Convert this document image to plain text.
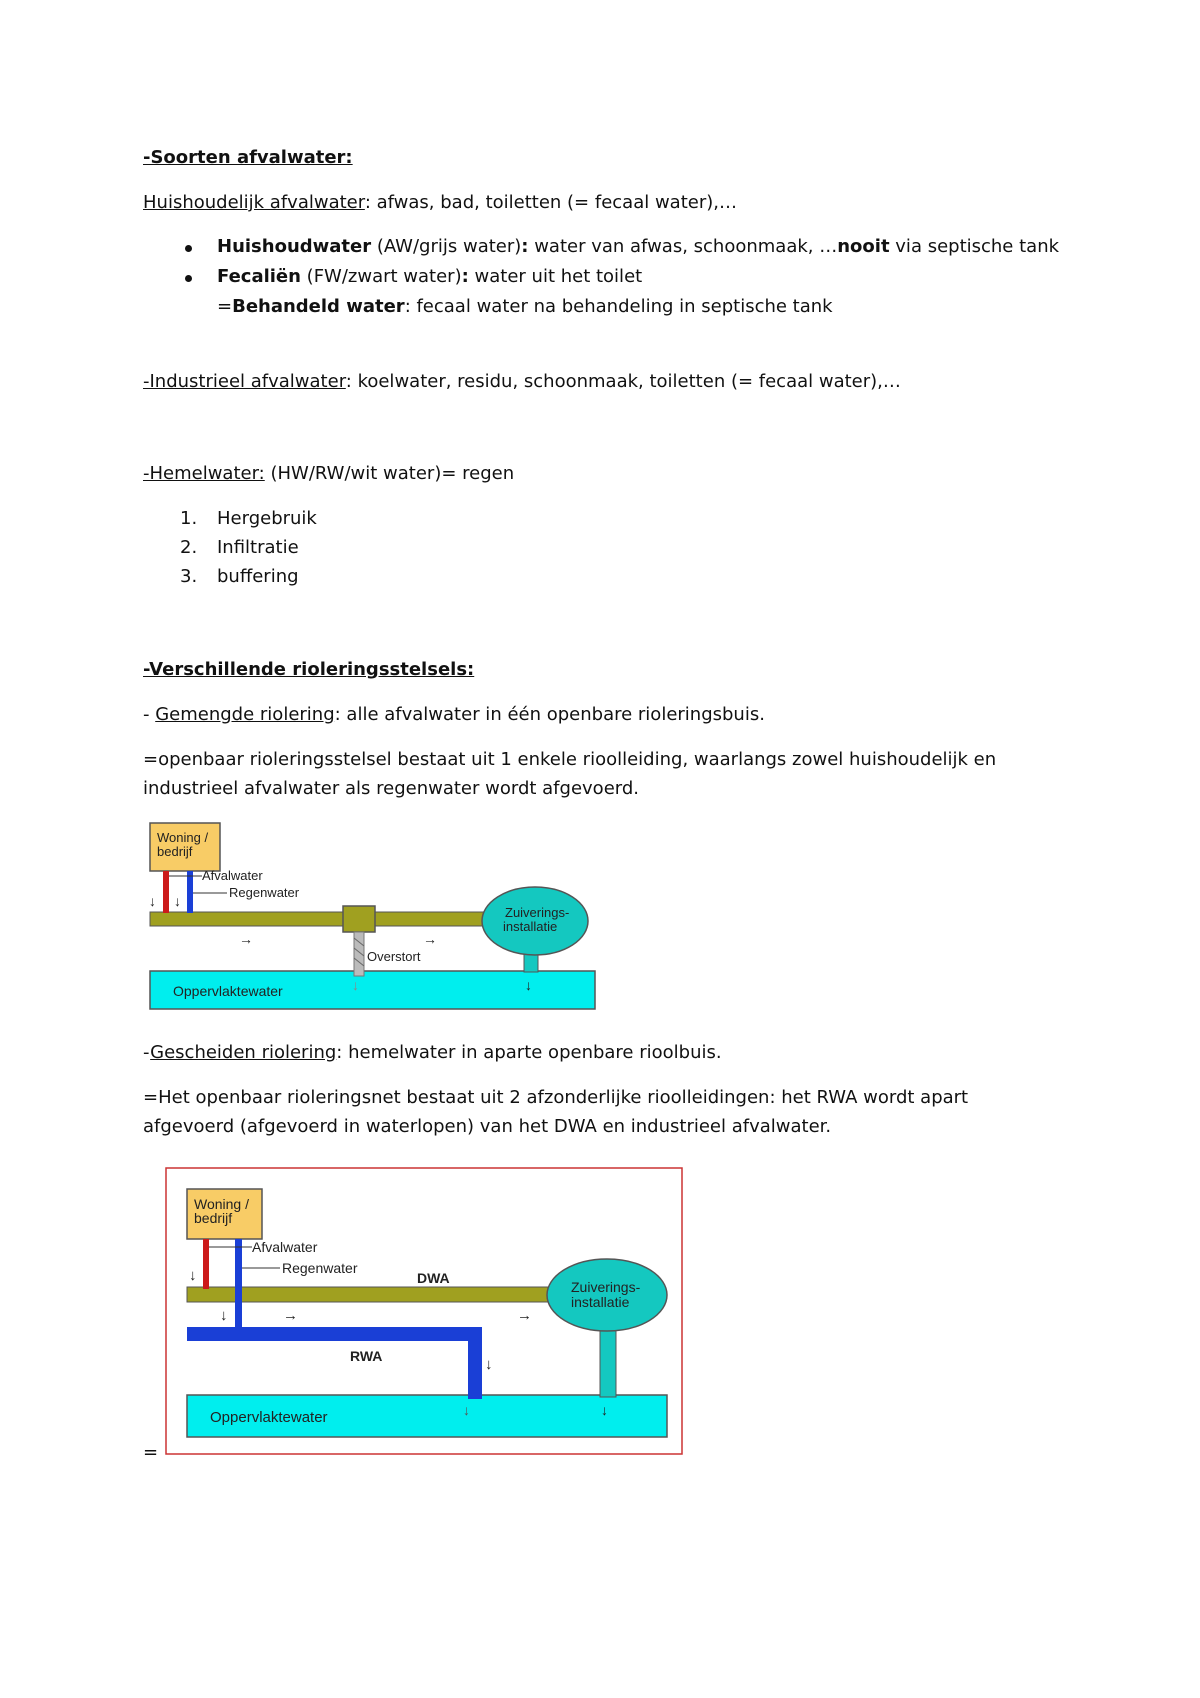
-Soorten afvalwater:
Huishoudelijk afvalwater: afwas, bad, toiletten (= fecaal water),…
Huishoudwater (AW/grijs water): water van afwas, schoonmaak, …nooit via septische tank
Fecaliën (FW/zwart water): water uit het toilet
=Behandeld water: fecaal water na behandeling in septische tank
-Industrieel afvalwater: koelwater, residu, schoonmaak, toiletten (= fecaal water),…
-Hemelwater: (HW/RW/wit water)= regen
1. Hergebruik
2. Infiltratie
3. buffering
-Verschillende rioleringsstelsels:
- Gemengde riolering: alle afvalwater in één openbare rioleringsbuis.
=openbaar rioleringsstelsel bestaat uit 1 enkele rioolleiding, waarlangs zowel huishoudelijk en
industrieel afvalwater als regenwater wordt afgevoerd.
Oppervlaktewater
Overstort
↓
Woning /
bedrijf
Afvalwater
Regenwater
↓ ↓
→	→
Zuiverings-
installatie
↓
-Gescheiden riolering: hemelwater in aparte openbare rioolbuis.
=Het openbaar rioleringsnet bestaat uit 2 afzonderlijke rioolleidingen: het RWA wordt apart
afgevoerd (afgevoerd in waterlopen) van het DWA en industrieel afvalwater.
Oppervlaktewater
DWA
RWA	↓
↓
Woning /
bedrijf
Afvalwater
Regenwater
↓
↓	→	→
Zuiverings-
installatie
↓
=
